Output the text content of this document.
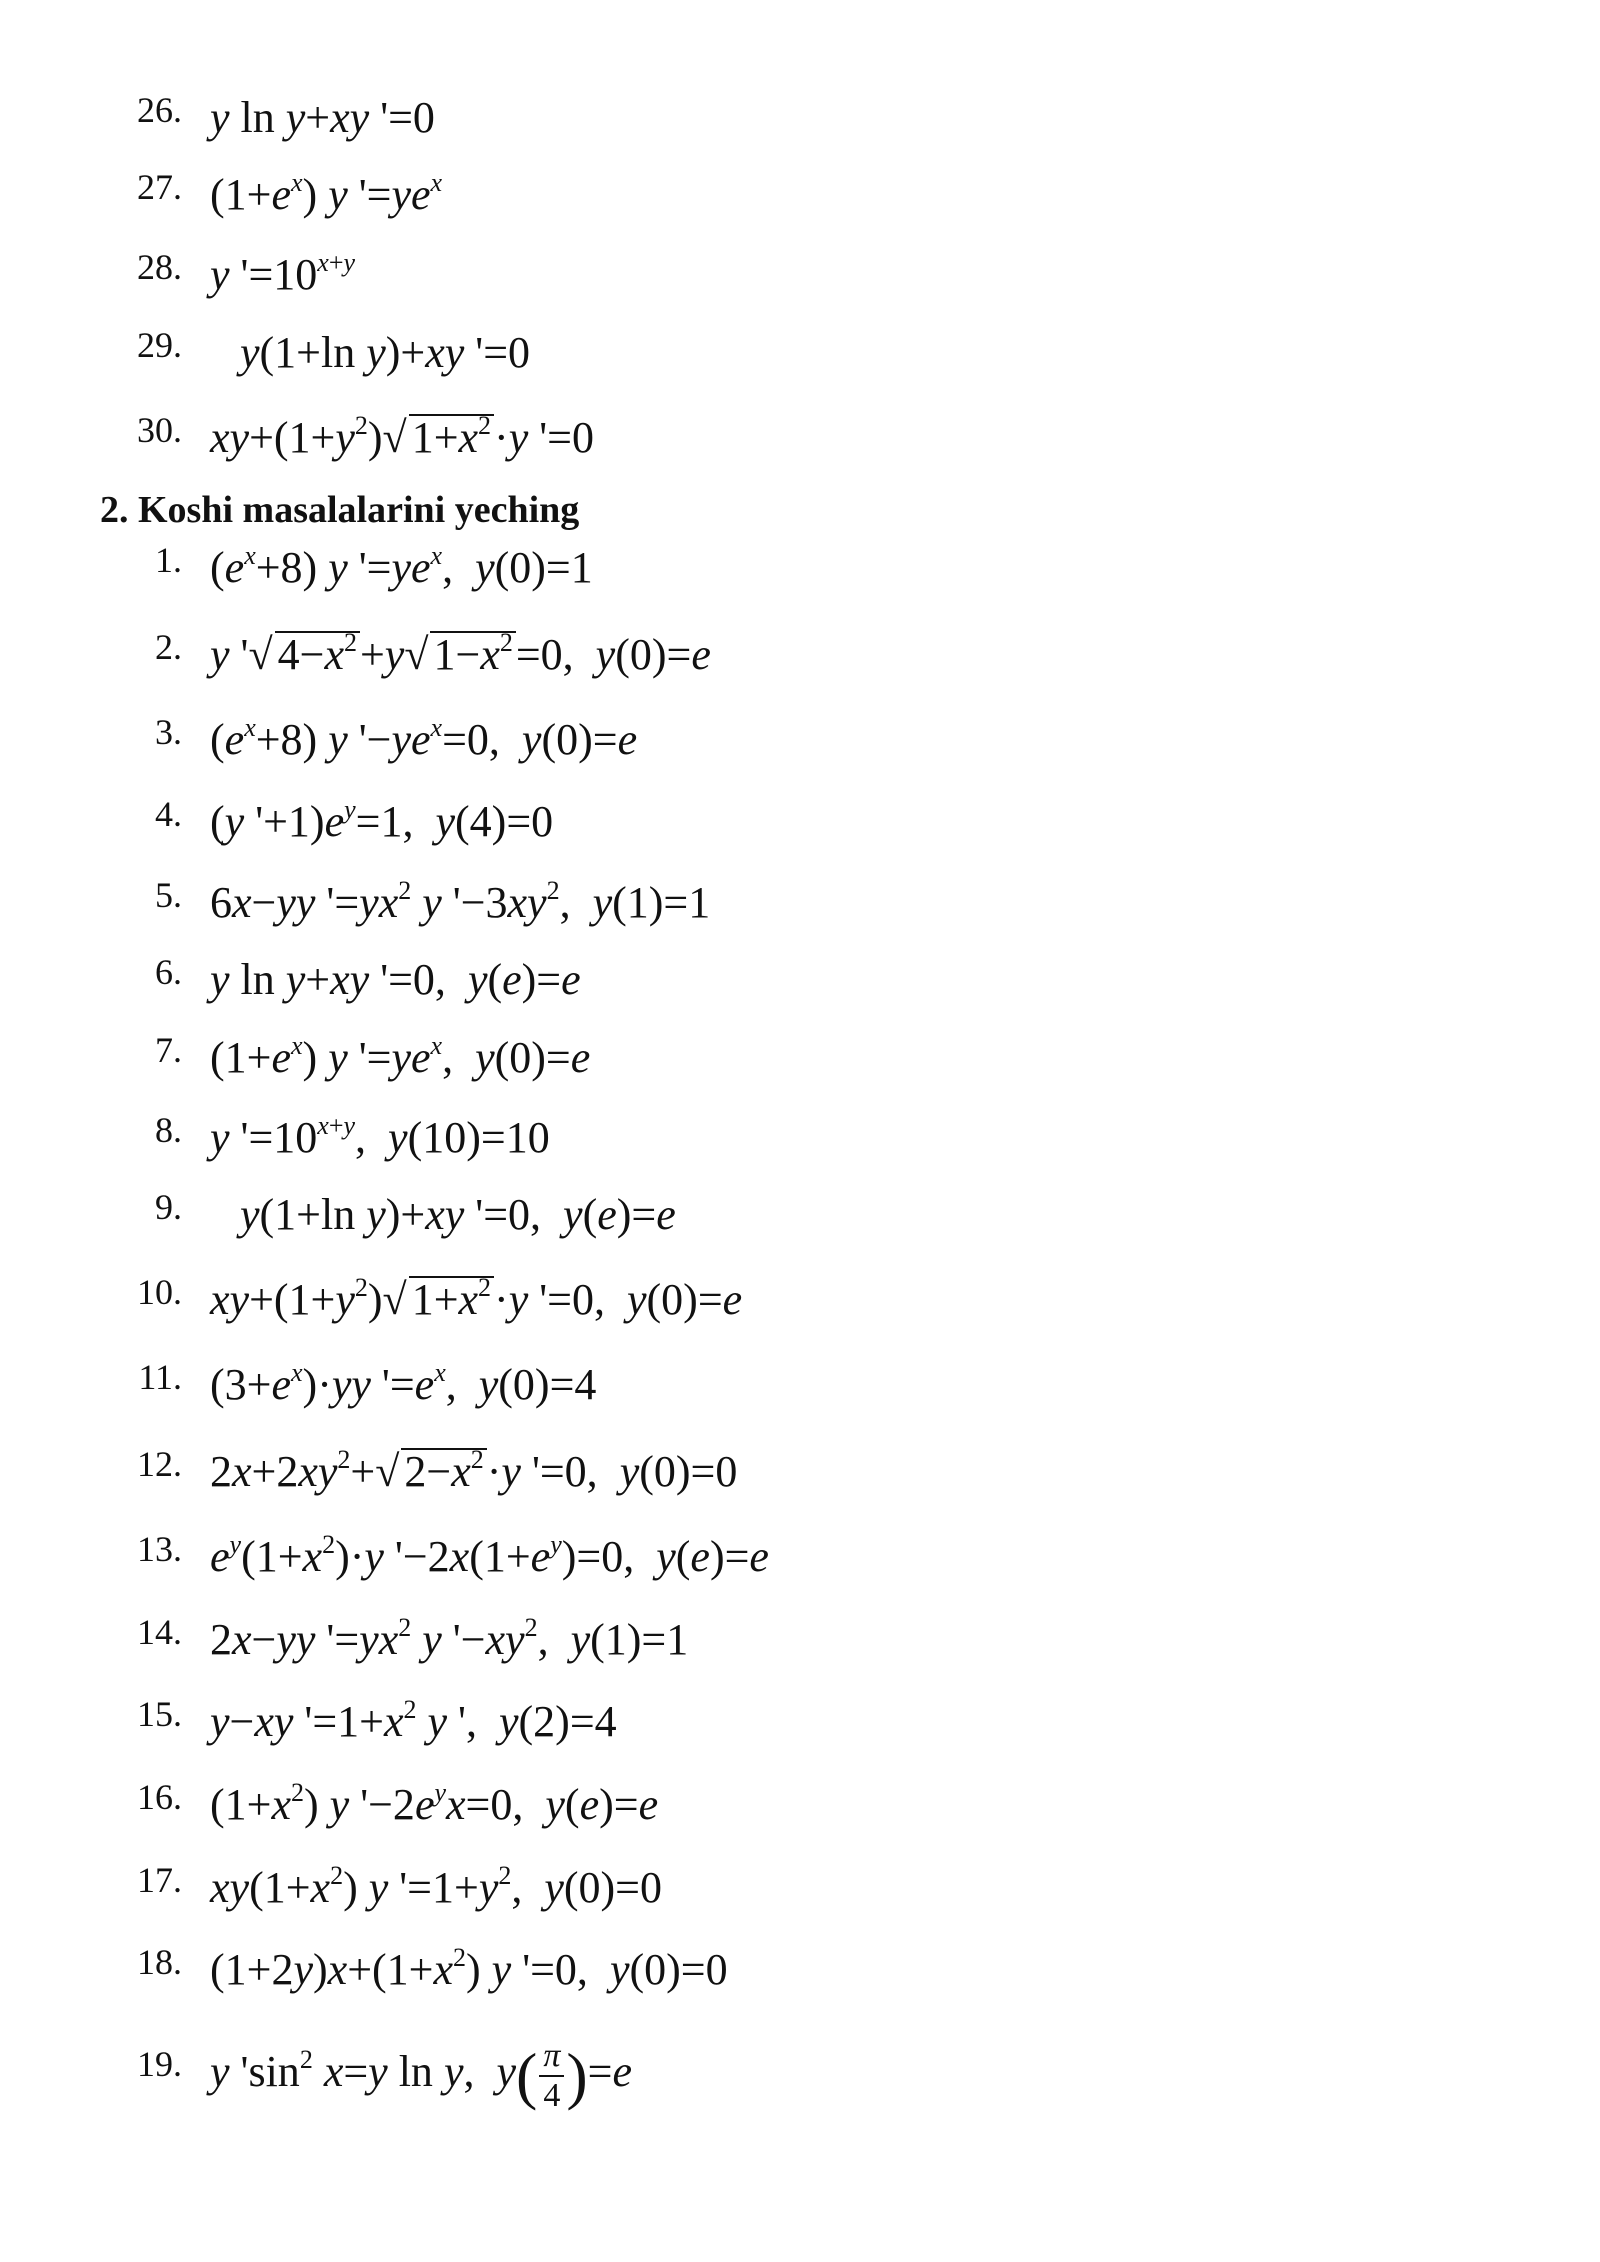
26. y ln y+xy '=0
27. $(1+e^x)$ y '$=ye^x$
28. y '$=10^{x+y}$
29. y(1+ln y)+xy '=0
30. $xy+(1+y^2)√$ $1+x^2\cdot y$ '=0
2. Koshi masalalarini yeching
1. $(e^x+8)$ y '$=ye^x$,  y(0)=1
2. y '√ $4-x^2+y√$ $1-x^2=0$,  y(0)=e
3. $(e^x+8)$ y '$-ye^x=0$,  y(0)=e
4. (y '$+1)e^y=1$,  y(4)=0
5. 6x−yy '$=yx^2$ y '$-3xy^2$,  y(1)=1
6. y ln y+xy '=0,  y(e)=e
7. $(1+e^x)$ y '$=ye^x$,  y(0)=e
8. y '$=10^{x+y}$,  y(10)=10
9. y(1+ln y)+xy '=0,  y(e)=e
10. $xy+(1+y^2)√$ $1+x^2\cdot y$ '=0,  y(0)=e
11. $(3+e^x)\cdot yy$ '$=e^x$,  y(0)=4
12. $2x+2xy^2+√$ $2-x^2\cdot y$ '=0,  y(0)=0
13. $e^y(1+x^2)\cdot y$ '$-2x(1+e^y)=0$,  y(e)=e
14. 2x−yy '$=yx^2$ y '$-xy^2$,  y(1)=1
15. y−xy '$=1+x^2$ y ',  y(2)=4
16. $(1+x^2)$ y '$-2e^yx=0$,  y(e)=e
17. $xy(1+x^2)$ y '$=1+y^2$,  y(0)=0
18. $(1+2y)x+(1+x^2)$ y '=0,  y(0)=0
19. y '$\sin^2$ x=y ln y,  $y( \frac{\pi}{4} )=e$
